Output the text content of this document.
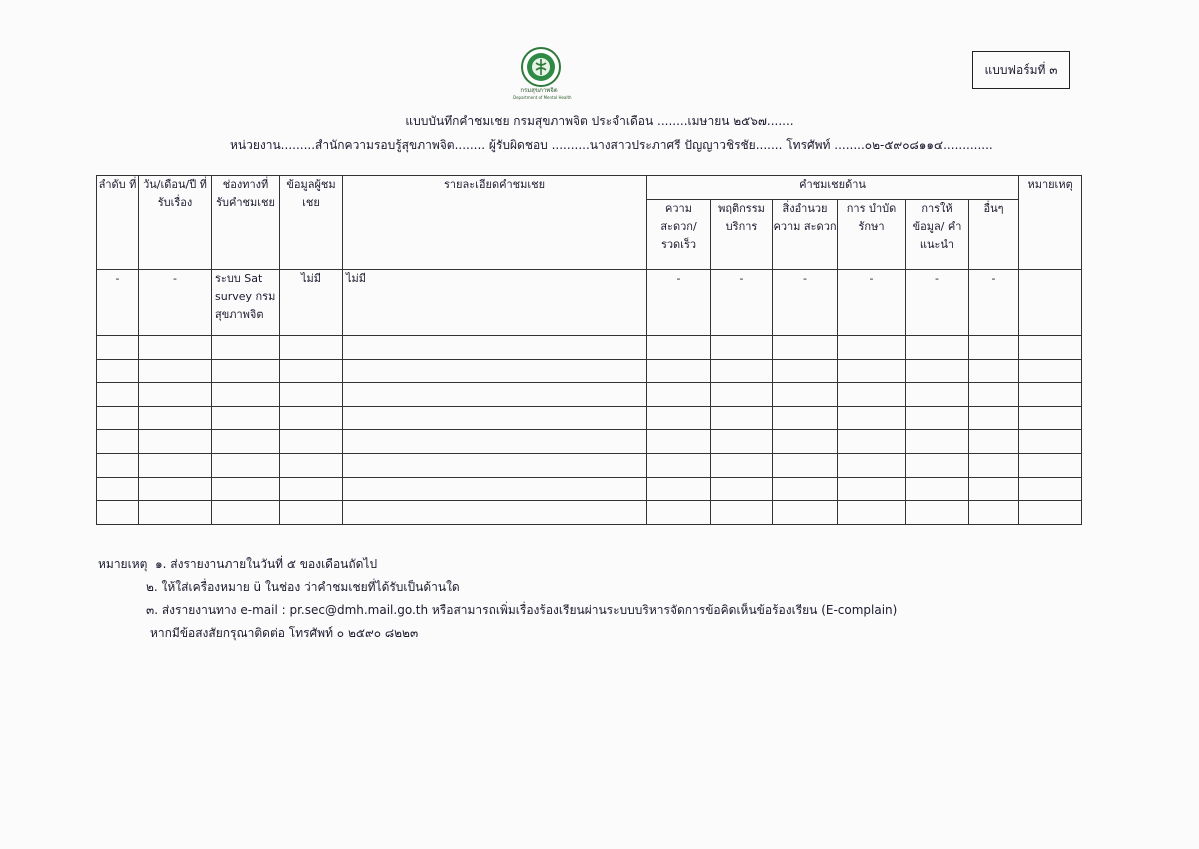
แบบฟอร์มที่ ๓
กรมสุขภาพจิต
Department of Mental Health
แบบบันทึกคำชมเชย กรมสุขภาพจิต ประจำเดือน ........เมษายน ๒๕๖๗.......
หน่วยงาน.........สำนักความรอบรู้สุขภาพจิต........ ผู้รับผิดชอบ ..........นางสาวประภาศรี ปัญญาวชิรชัย....... โทรศัพท์ ........๐๒-๕๙๐๘๑๑๔.............
ลำดับ ที่	วัน/เดือน/ปี ที่รับเรื่อง	ช่องทางที่ รับคำชมเชย	ข้อมูลผู้ชม เชย	รายละเอียดคำชมเชย	คำชมเชยด้าน						หมายเหตุ
					ความ สะดวก/ รวดเร็ว	พฤติกรรม บริการ	สิ่งอำนวย ความ สะดวก	การ บำบัดรักษา	การให้ ข้อมูล/ คำแนะนำ	อื่นๆ	
-	-	ระบบ Sat survey กรมสุขภาพจิต	ไม่มี	ไม่มี	-	-	-	-	-	-	

หมายเหตุ ๑. ส่งรายงานภายในวันที่ ๕ ของเดือนถัดไป
๒. ให้ใส่เครื่องหมาย ü ในช่อง ว่าคำชมเชยที่ได้รับเป็นด้านใด
๓. ส่งรายงานทาง e-mail : pr.sec@dmh.mail.go.th หรือสามารถเพิ่มเรื่องร้องเรียนผ่านระบบบริหารจัดการข้อคิดเห็นข้อร้องเรียน (E-complain)
หากมีข้อสงสัยกรุณาติดต่อ โทรศัพท์ ๐ ๒๕๙๐ ๘๒๒๓
